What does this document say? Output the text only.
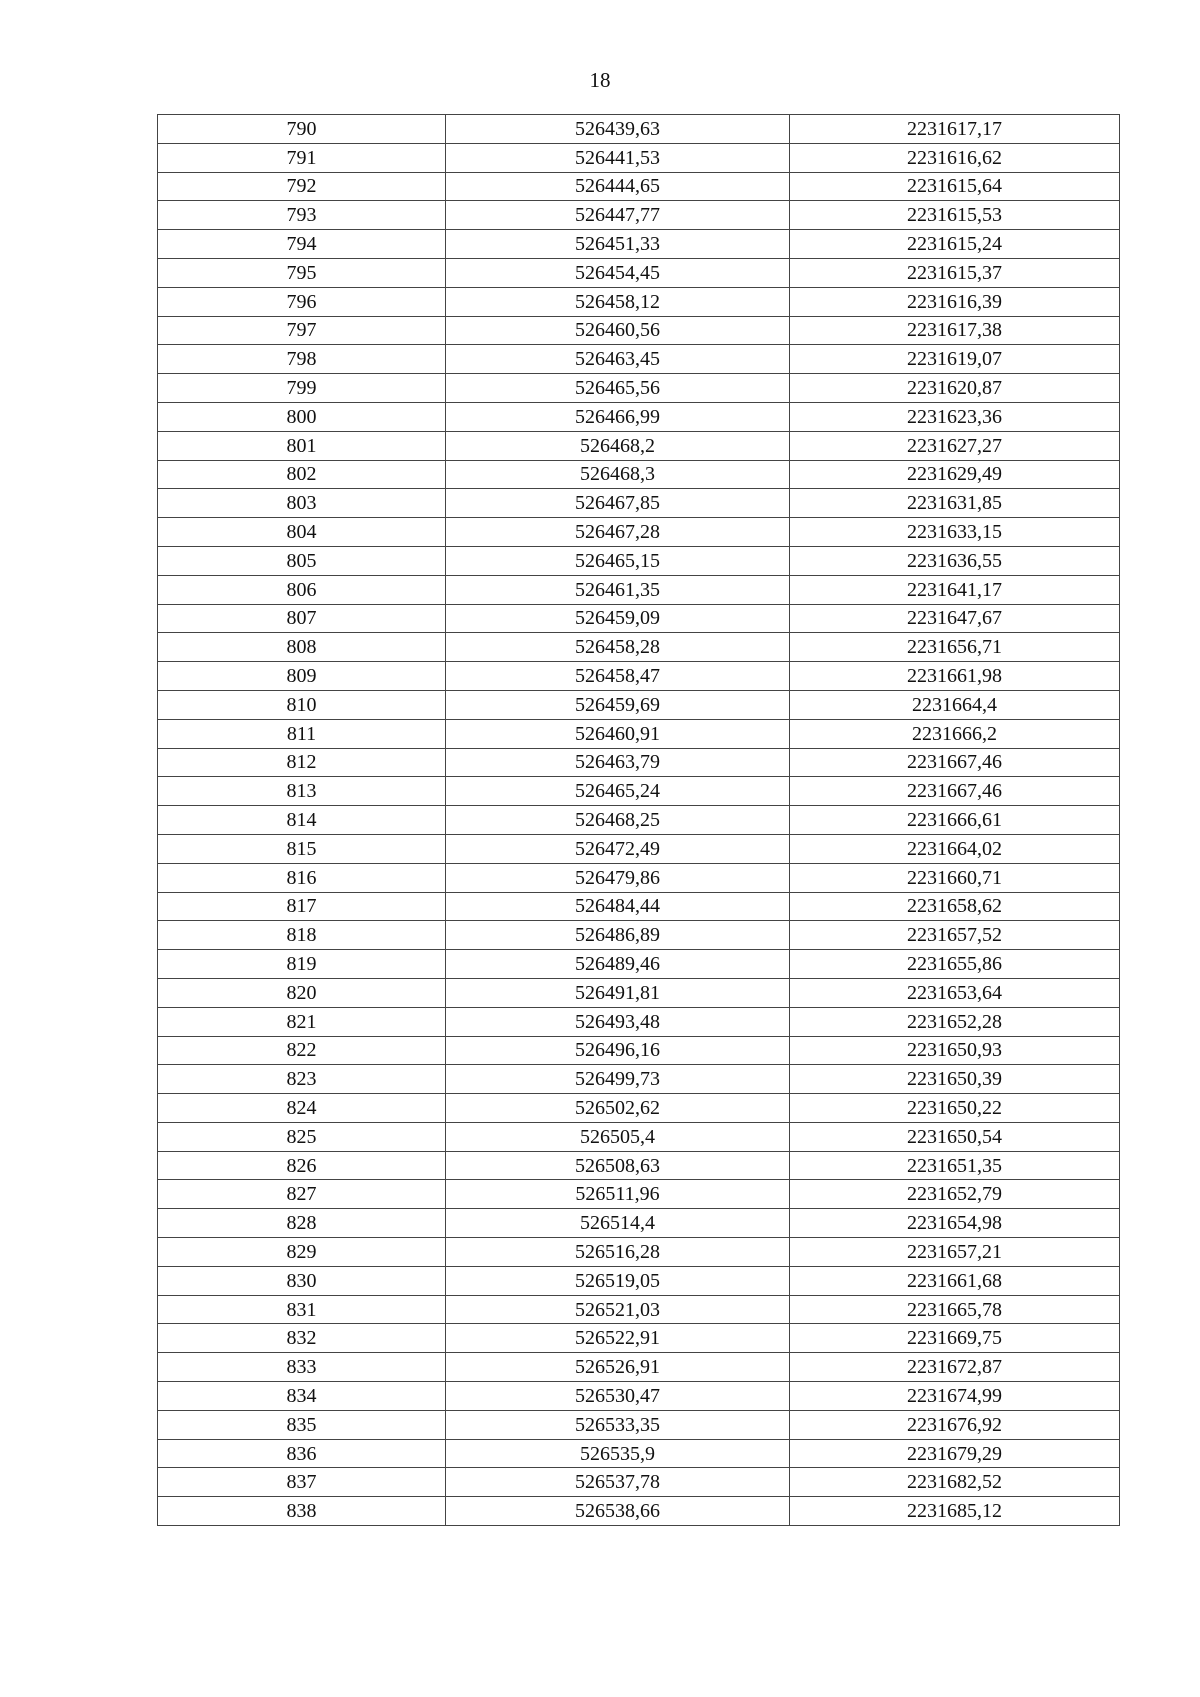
18
790	526439,63	2231617,17
791	526441,53	2231616,62
792	526444,65	2231615,64
793	526447,77	2231615,53
794	526451,33	2231615,24
795	526454,45	2231615,37
796	526458,12	2231616,39
797	526460,56	2231617,38
798	526463,45	2231619,07
799	526465,56	2231620,87
800	526466,99	2231623,36
801	526468,2	2231627,27
802	526468,3	2231629,49
803	526467,85	2231631,85
804	526467,28	2231633,15
805	526465,15	2231636,55
806	526461,35	2231641,17
807	526459,09	2231647,67
808	526458,28	2231656,71
809	526458,47	2231661,98
810	526459,69	2231664,4
811	526460,91	2231666,2
812	526463,79	2231667,46
813	526465,24	2231667,46
814	526468,25	2231666,61
815	526472,49	2231664,02
816	526479,86	2231660,71
817	526484,44	2231658,62
818	526486,89	2231657,52
819	526489,46	2231655,86
820	526491,81	2231653,64
821	526493,48	2231652,28
822	526496,16	2231650,93
823	526499,73	2231650,39
824	526502,62	2231650,22
825	526505,4	2231650,54
826	526508,63	2231651,35
827	526511,96	2231652,79
828	526514,4	2231654,98
829	526516,28	2231657,21
830	526519,05	2231661,68
831	526521,03	2231665,78
832	526522,91	2231669,75
833	526526,91	2231672,87
834	526530,47	2231674,99
835	526533,35	2231676,92
836	526535,9	2231679,29
837	526537,78	2231682,52
838	526538,66	2231685,12
